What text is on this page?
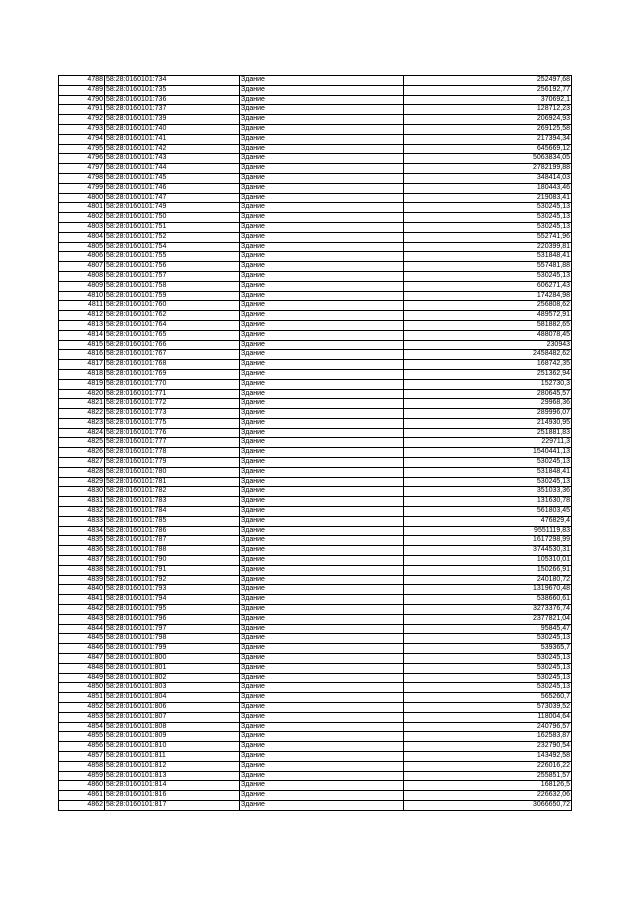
4788	58:28:0160101:734	Здание	252497,68
4789	58:28:0160101:735	Здание	256192,77
4790	58:28:0160101:736	Здание	370692,1
4791	58:28:0160101:737	Здание	128712,23
4792	58:28:0160101:739	Здание	206924,93
4793	58:28:0160101:740	Здание	269125,58
4794	58:28:0160101:741	Здание	217394,34
4795	58:28:0160101:742	Здание	645669,12
4796	58:28:0160101:743	Здание	5063834,05
4797	58:28:0160101:744	Здание	2782199,88
4798	58:28:0160101:745	Здание	348414,03
4799	58:28:0160101:746	Здание	180443,46
4800	58:28:0160101:747	Здание	219083,41
4801	58:28:0160101:749	Здание	530245,13
4802	58:28:0160101:750	Здание	530245,13
4803	58:28:0160101:751	Здание	530245,13
4804	58:28:0160101:752	Здание	552741,96
4805	58:28:0160101:754	Здание	220399,81
4806	58:28:0160101:755	Здание	531848,41
4807	58:28:0160101:756	Здание	557481,88
4808	58:28:0160101:757	Здание	530245,13
4809	58:28:0160101:758	Здание	606271,43
4810	58:28:0160101:759	Здание	174284,98
4811	58:28:0160101:760	Здание	256808,62
4812	58:28:0160101:762	Здание	489572,91
4813	58:28:0160101:764	Здание	581882,65
4814	58:28:0160101:765	Здание	488078,45
4815	58:28:0160101:766	Здание	230943
4816	58:28:0160101:767	Здание	2458482,62
4817	58:28:0160101:768	Здание	168742,35
4818	58:28:0160101:769	Здание	251362,94
4819	58:28:0160101:770	Здание	152730,3
4820	58:28:0160101:771	Здание	280645,57
4821	58:28:0160101:772	Здание	29968,36
4822	58:28:0160101:773	Здание	289996,07
4823	58:28:0160101:775	Здание	214930,95
4824	58:28:0160101:776	Здание	251881,83
4825	58:28:0160101:777	Здание	229711,3
4826	58:28:0160101:778	Здание	1540441,13
4827	58:28:0160101:779	Здание	530245,13
4828	58:28:0160101:780	Здание	531848,41
4829	58:28:0160101:781	Здание	530245,13
4830	58:28:0160101:782	Здание	351033,36
4831	58:28:0160101:783	Здание	131630,78
4832	58:28:0160101:784	Здание	561803,45
4833	58:28:0160101:785	Здание	476829,4
4834	58:28:0160101:786	Здание	9551119,83
4835	58:28:0160101:787	Здание	1617298,99
4836	58:28:0160101:788	Здание	3744530,31
4837	58:28:0160101:790	Здание	105310,01
4838	58:28:0160101:791	Здание	150266,91
4839	58:28:0160101:792	Здание	240180,72
4840	58:28:0160101:793	Здание	1319670,48
4841	58:28:0160101:794	Здание	538660,61
4842	58:28:0160101:795	Здание	3273376,74
4843	58:28:0160101:796	Здание	2377821,04
4844	58:28:0160101:797	Здание	95845,47
4845	58:28:0160101:798	Здание	530245,13
4846	58:28:0160101:799	Здание	539365,7
4847	58:28:0160101:800	Здание	530245,13
4848	58:28:0160101:801	Здание	530245,13
4849	58:28:0160101:802	Здание	530245,13
4850	58:28:0160101:803	Здание	530245,13
4851	58:28:0160101:804	Здание	565260,7
4852	58:28:0160101:806	Здание	573039,52
4853	58:28:0160101:807	Здание	118004,64
4854	58:28:0160101:808	Здание	240796,57
4855	58:28:0160101:809	Здание	162583,87
4856	58:28:0160101:810	Здание	232790,54
4857	58:28:0160101:811	Здание	143492,58
4858	58:28:0160101:812	Здание	226016,22
4859	58:28:0160101:813	Здание	255851,57
4860	58:28:0160101:814	Здание	168126,5
4861	58:28:0160101:816	Здание	226632,06
4862	58:28:0160101:817	Здание	3066650,72
